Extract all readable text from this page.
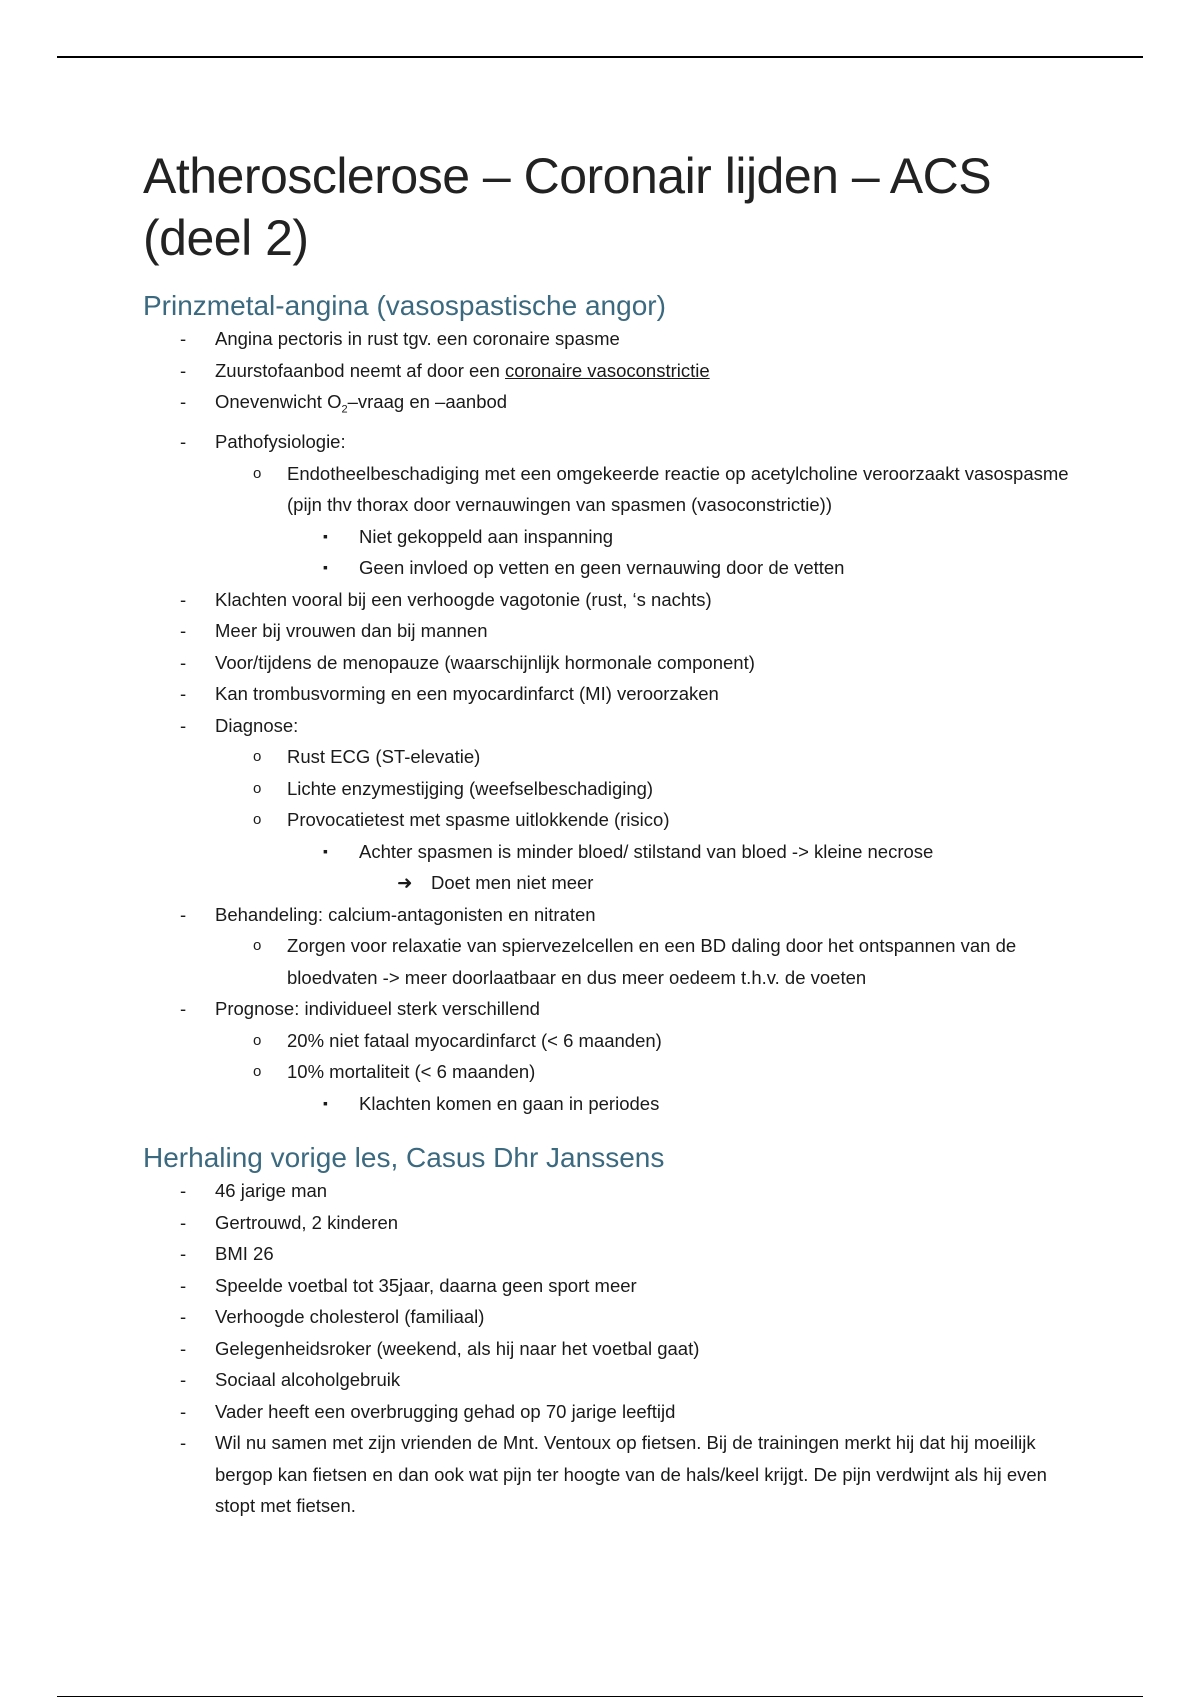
Atherosclerose – Coronair lijden – ACS (deel 2)
Prinzmetal-angina (vasospastische angor)
- Angina pectoris in rust tgv. een coronaire spasme
- Zuurstofaanbod neemt af door een coronaire vasoconstrictie
- Onevenwicht $O_2$–vraag en –aanbod
- Pathofysiologie:
o Endotheelbeschadiging met een omgekeerde reactie op acetylcholine veroorzaakt vasospasme (pijn thv thorax door vernauwingen van spasmen (vasoconstrictie))
▪ Niet gekoppeld aan inspanning
▪ Geen invloed op vetten en geen vernauwing door de vetten
- Klachten vooral bij een verhoogde vagotonie (rust, ‘s nachts)
- Meer bij vrouwen dan bij mannen
- Voor/tijdens de menopauze (waarschijnlijk hormonale component)
- Kan trombusvorming en een myocardinfarct (MI) veroorzaken
- Diagnose:
o Rust ECG (ST-elevatie)
o Lichte enzymestijging (weefselbeschadiging)
o Provocatietest met spasme uitlokkende (risico)
▪ Achter spasmen is minder bloed/ stilstand van bloed -> kleine necrose
➜ Doet men niet meer
- Behandeling: calcium-antagonisten en nitraten
o Zorgen voor relaxatie van spiervezelcellen en een BD daling door het ontspannen van de bloedvaten -> meer doorlaatbaar en dus meer oedeem t.h.v. de voeten
- Prognose: individueel sterk verschillend
o 20% niet fataal myocardinfarct (< 6 maanden)
o 10% mortaliteit (< 6 maanden)
▪ Klachten komen en gaan in periodes
Herhaling vorige les, Casus Dhr Janssens
- 46 jarige man
- Gertrouwd, 2 kinderen
- BMI 26
- Speelde voetbal tot 35jaar, daarna geen sport meer
- Verhoogde cholesterol (familiaal)
- Gelegenheidsroker (weekend, als hij naar het voetbal gaat)
- Sociaal alcoholgebruik
- Vader heeft een overbrugging gehad op 70 jarige leeftijd
- Wil nu samen met zijn vrienden de Mnt. Ventoux op fietsen. Bij de trainingen merkt hij dat hij moeilijk bergop kan fietsen en dan ook wat pijn ter hoogte van de hals/keel krijgt. De pijn verdwijnt als hij even stopt met fietsen.
